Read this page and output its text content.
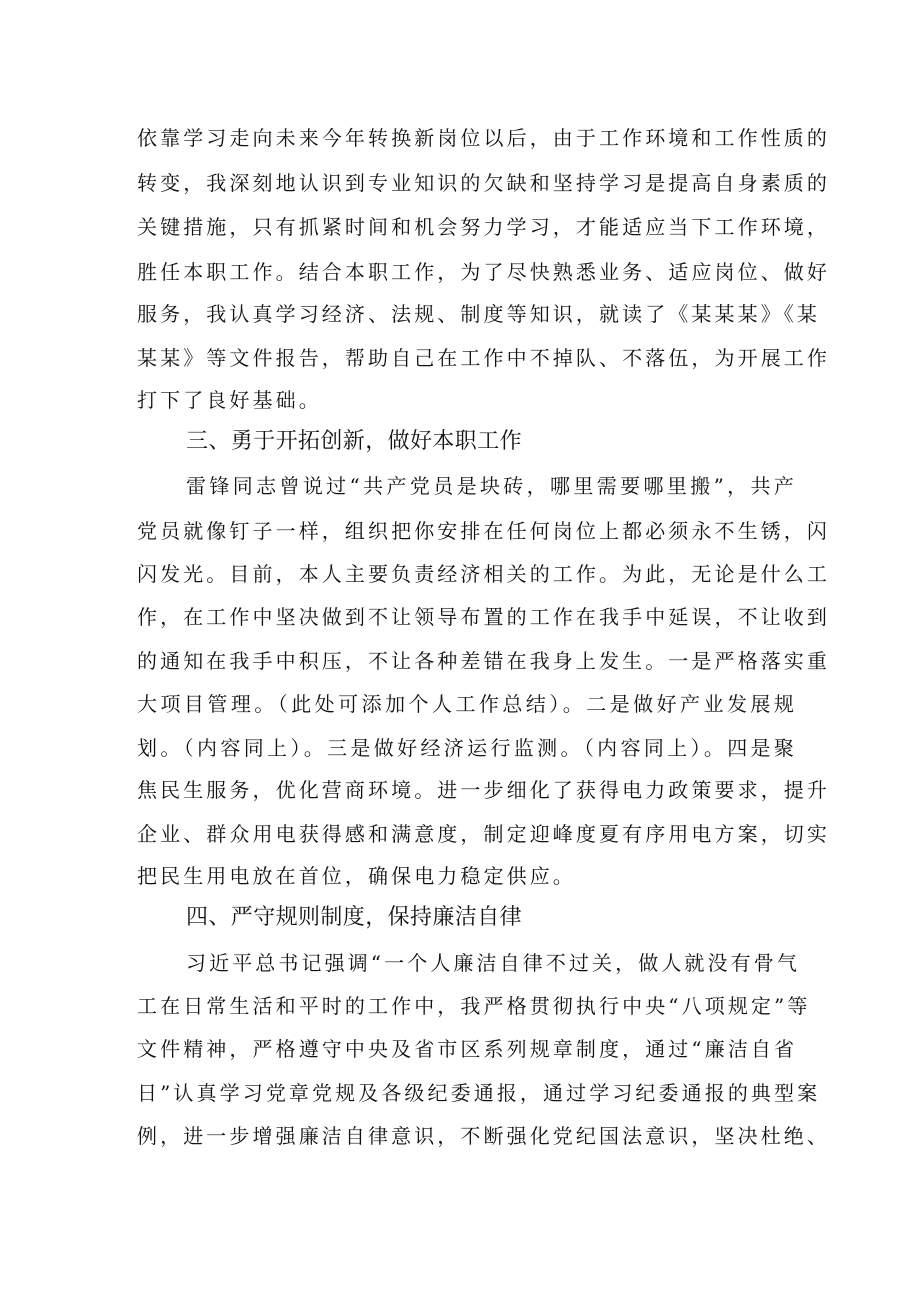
依靠学习走向未来今年转换新岗位以后，由于工作环境和工作性质的

转变，我深刻地认识到专业知识的欠缺和坚持学习是提高自身素质的

关键措施，只有抓紧时间和机会努力学习，才能适应当下工作环境，

胜任本职工作。结合本职工作，为了尽快熟悉业务、适应岗位、做好

服务，我认真学习经济、法规、制度等知识，就读了《某某某》《某

某某》等文件报告，帮助自己在工作中不掉队、不落伍，为开展工作

打下了良好基础。

三、勇于开拓创新，做好本职工作

雷锋同志曾说过“共产党员是块砖，哪里需要哪里搬”，共产

党员就像钉子一样，组织把你安排在任何岗位上都必须永不生锈，闪

闪发光。目前，本人主要负责经济相关的工作。为此，无论是什么工

作，在工作中坚决做到不让领导布置的工作在我手中延误，不让收到

的通知在我手中积压，不让各种差错在我身上发生。一是严格落实重

大项目管理。（此处可添加个人工作总结）。二是做好产业发展规

划。（内容同上）。三是做好经济运行监测。（内容同上）。四是聚

焦民生服务，优化营商环境。进一步细化了获得电力政策要求，提升

企业、群众用电获得感和满意度，制定迎峰度夏有序用电方案，切实

把民生用电放在首位，确保电力稳定供应。

四、严守规则制度，保持廉洁自律

习近平总书记强调“一个人廉洁自律不过关，做人就没有骨气

工在日常生活和平时的工作中，我严格贯彻执行中央“八项规定”等

文件精神，严格遵守中央及省市区系列规章制度，通过“廉洁自省

日”认真学习党章党规及各级纪委通报，通过学习纪委通报的典型案

例，进一步增强廉洁自律意识，不断强化党纪国法意识，坚决杜绝、
